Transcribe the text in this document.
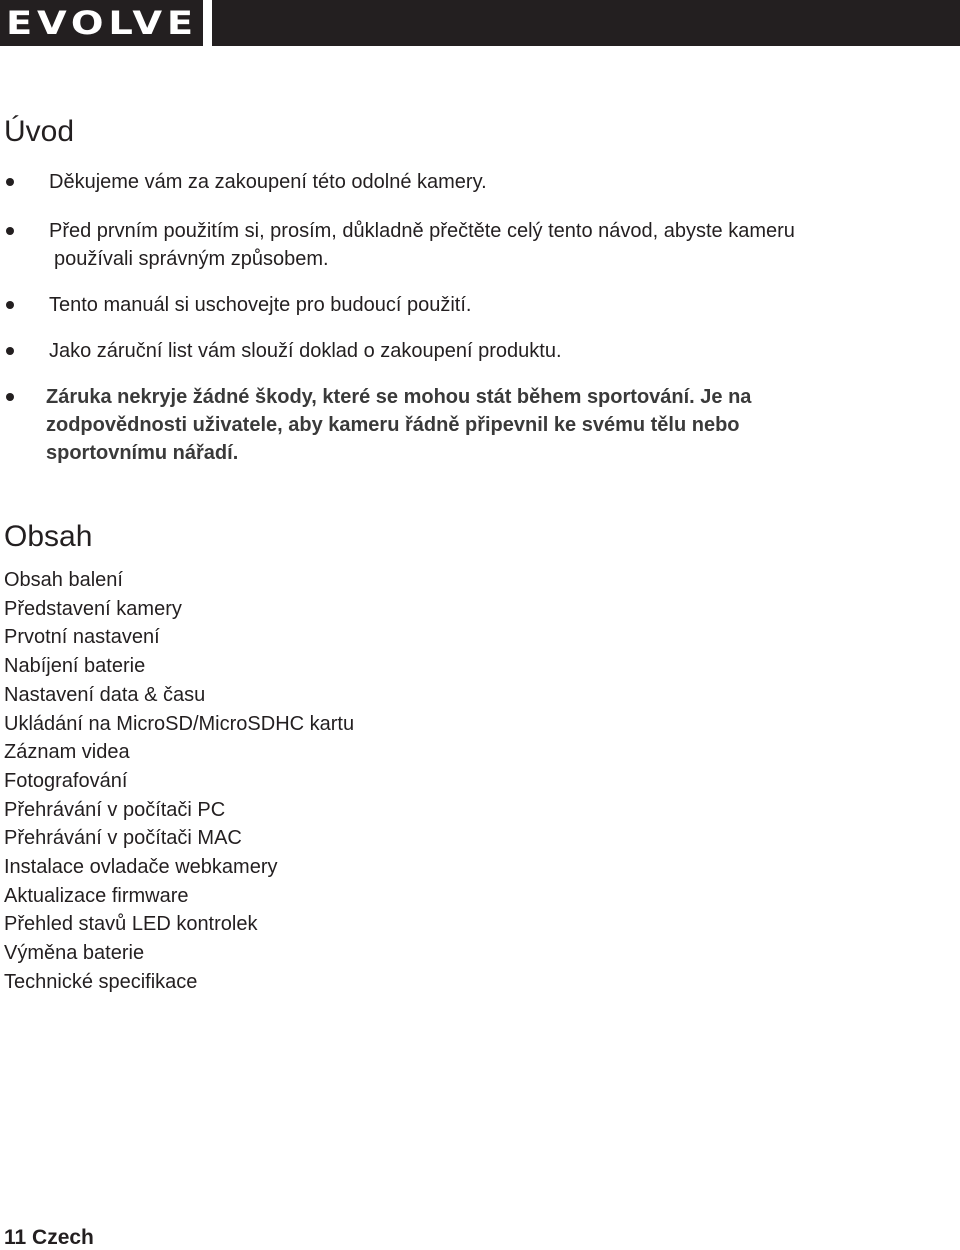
EVOLVE
Úvod
Děkujeme vám za zakoupení této odolné kamery.
Před prvním použitím si, prosím, důkladně přečtěte celý tento návod, abyste kameru
používali správným způsobem.
Tento manuál si uschovejte pro budoucí použití.
Jako záruční list vám slouží doklad o zakoupení produktu.
Záruka nekryje žádné škody, které se mohou stát během sportování. Je na
zodpovědnosti uživatele, aby kameru řádně připevnil ke svému tělu nebo
sportovnímu nářadí.
Obsah
Obsah balení
Představení kamery
Prvotní nastavení
Nabíjení baterie
Nastavení data & času
Ukládání na MicroSD/MicroSDHC kartu
Záznam videa
Fotografování
Přehrávání v počítači PC
Přehrávání v počítači MAC
Instalace ovladače webkamery
Aktualizace firmware
Přehled stavů LED kontrolek
Výměna baterie
Technické specifikace
11 Czech
